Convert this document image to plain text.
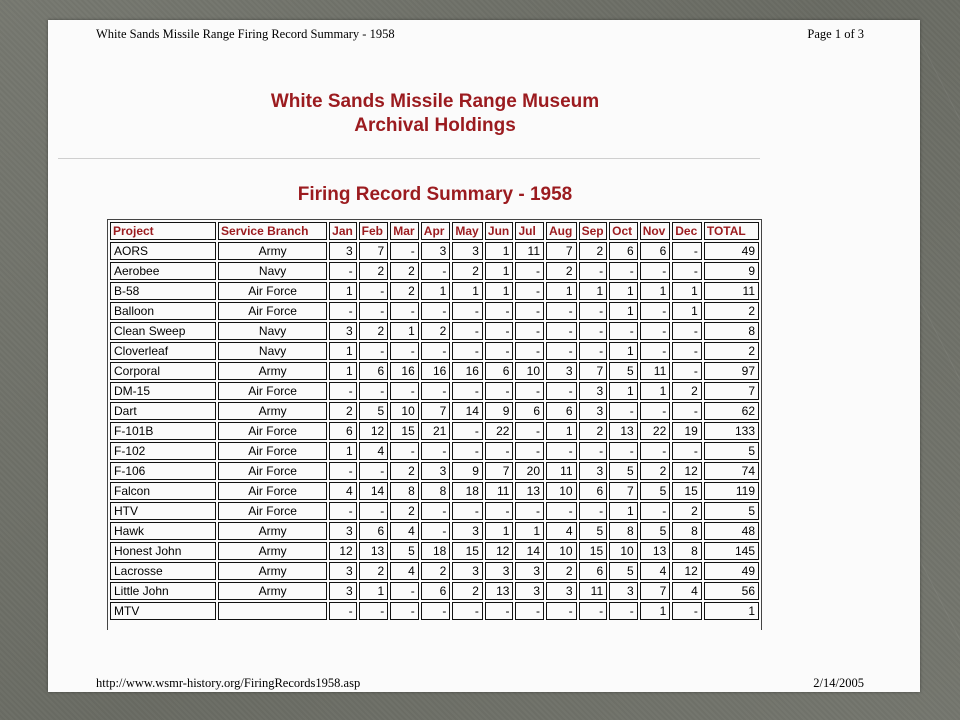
White Sands Missile Range Firing Record Summary - 1958	Page 1 of 3
White Sands Missile Range Museum
Archival Holdings
Firing Record Summary - 1958
Project	Service Branch	Jan	Feb	Mar	Apr	May	Jun	Jul	Aug	Sep	Oct	Nov	Dec	TOTAL
AORS	Army	3	7	-	3	3	1	11	7	2	6	6	-	49
Aerobee	Navy	-	2	2	-	2	1	-	2	-	-	-	-	9
B-58	Air Force	1	-	2	1	1	1	-	1	1	1	1	1	11
Balloon	Air Force	-	-	-	-	-	-	-	-	-	1	-	1	2
Clean Sweep	Navy	3	2	1	2	-	-	-	-	-	-	-	-	8
Cloverleaf	Navy	1	-	-	-	-	-	-	-	-	1	-	-	2
Corporal	Army	1	6	16	16	16	6	10	3	7	5	11	-	97
DM-15	Air Force	-	-	-	-	-	-	-	-	3	1	1	2	7
Dart	Army	2	5	10	7	14	9	6	6	3	-	-	-	62
F-101B	Air Force	6	12	15	21	-	22	-	1	2	13	22	19	133
F-102	Air Force	1	4	-	-	-	-	-	-	-	-	-	-	5
F-106	Air Force	-	-	2	3	9	7	20	11	3	5	2	12	74
Falcon	Air Force	4	14	8	8	18	11	13	10	6	7	5	15	119
HTV	Air Force	-	-	2	-	-	-	-	-	-	1	-	2	5
Hawk	Army	3	6	4	-	3	1	1	4	5	8	5	8	48
Honest John	Army	12	13	5	18	15	12	14	10	15	10	13	8	145
Lacrosse	Army	3	2	4	2	3	3	3	2	6	5	4	12	49
Little John	Army	3	1	-	6	2	13	3	3	11	3	7	4	56
MTV		-	-	-	-	-	-	-	-	-	-	1	-	1
http://www.wsmr-history.org/FiringRecords1958.asp	2/14/2005
